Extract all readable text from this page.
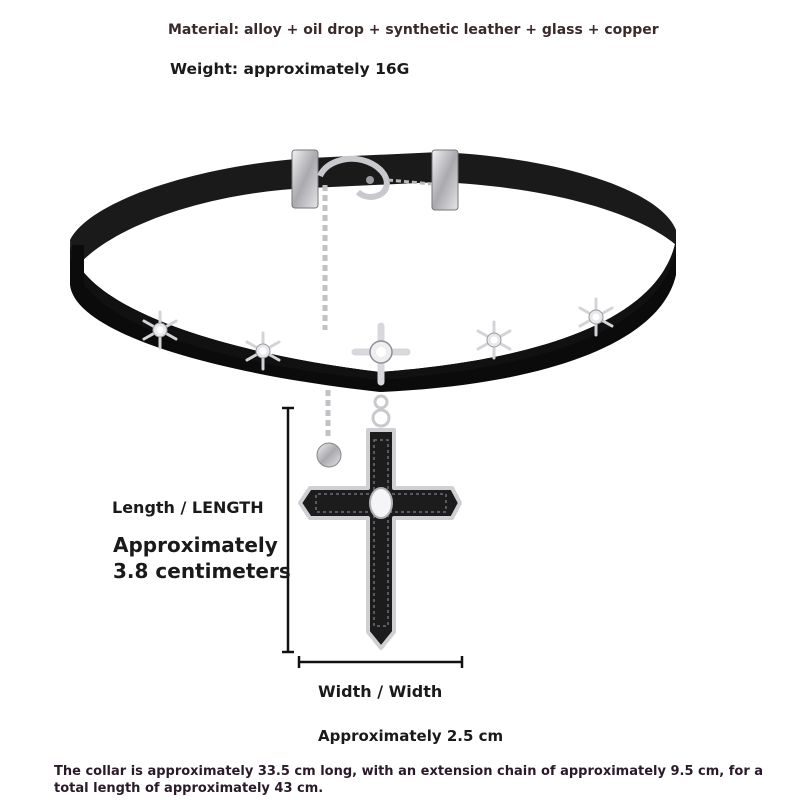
Material: alloy + oil drop + synthetic leather + glass + copper
Weight: approximately 16G
Length / LENGTH
Approximately
3.8 centimeters
Width / Width
Approximately 2.5 cm
The collar is approximately 33.5 cm long, with an extension chain of approximately 9.5 cm, for a total length of approximately 43 cm.
